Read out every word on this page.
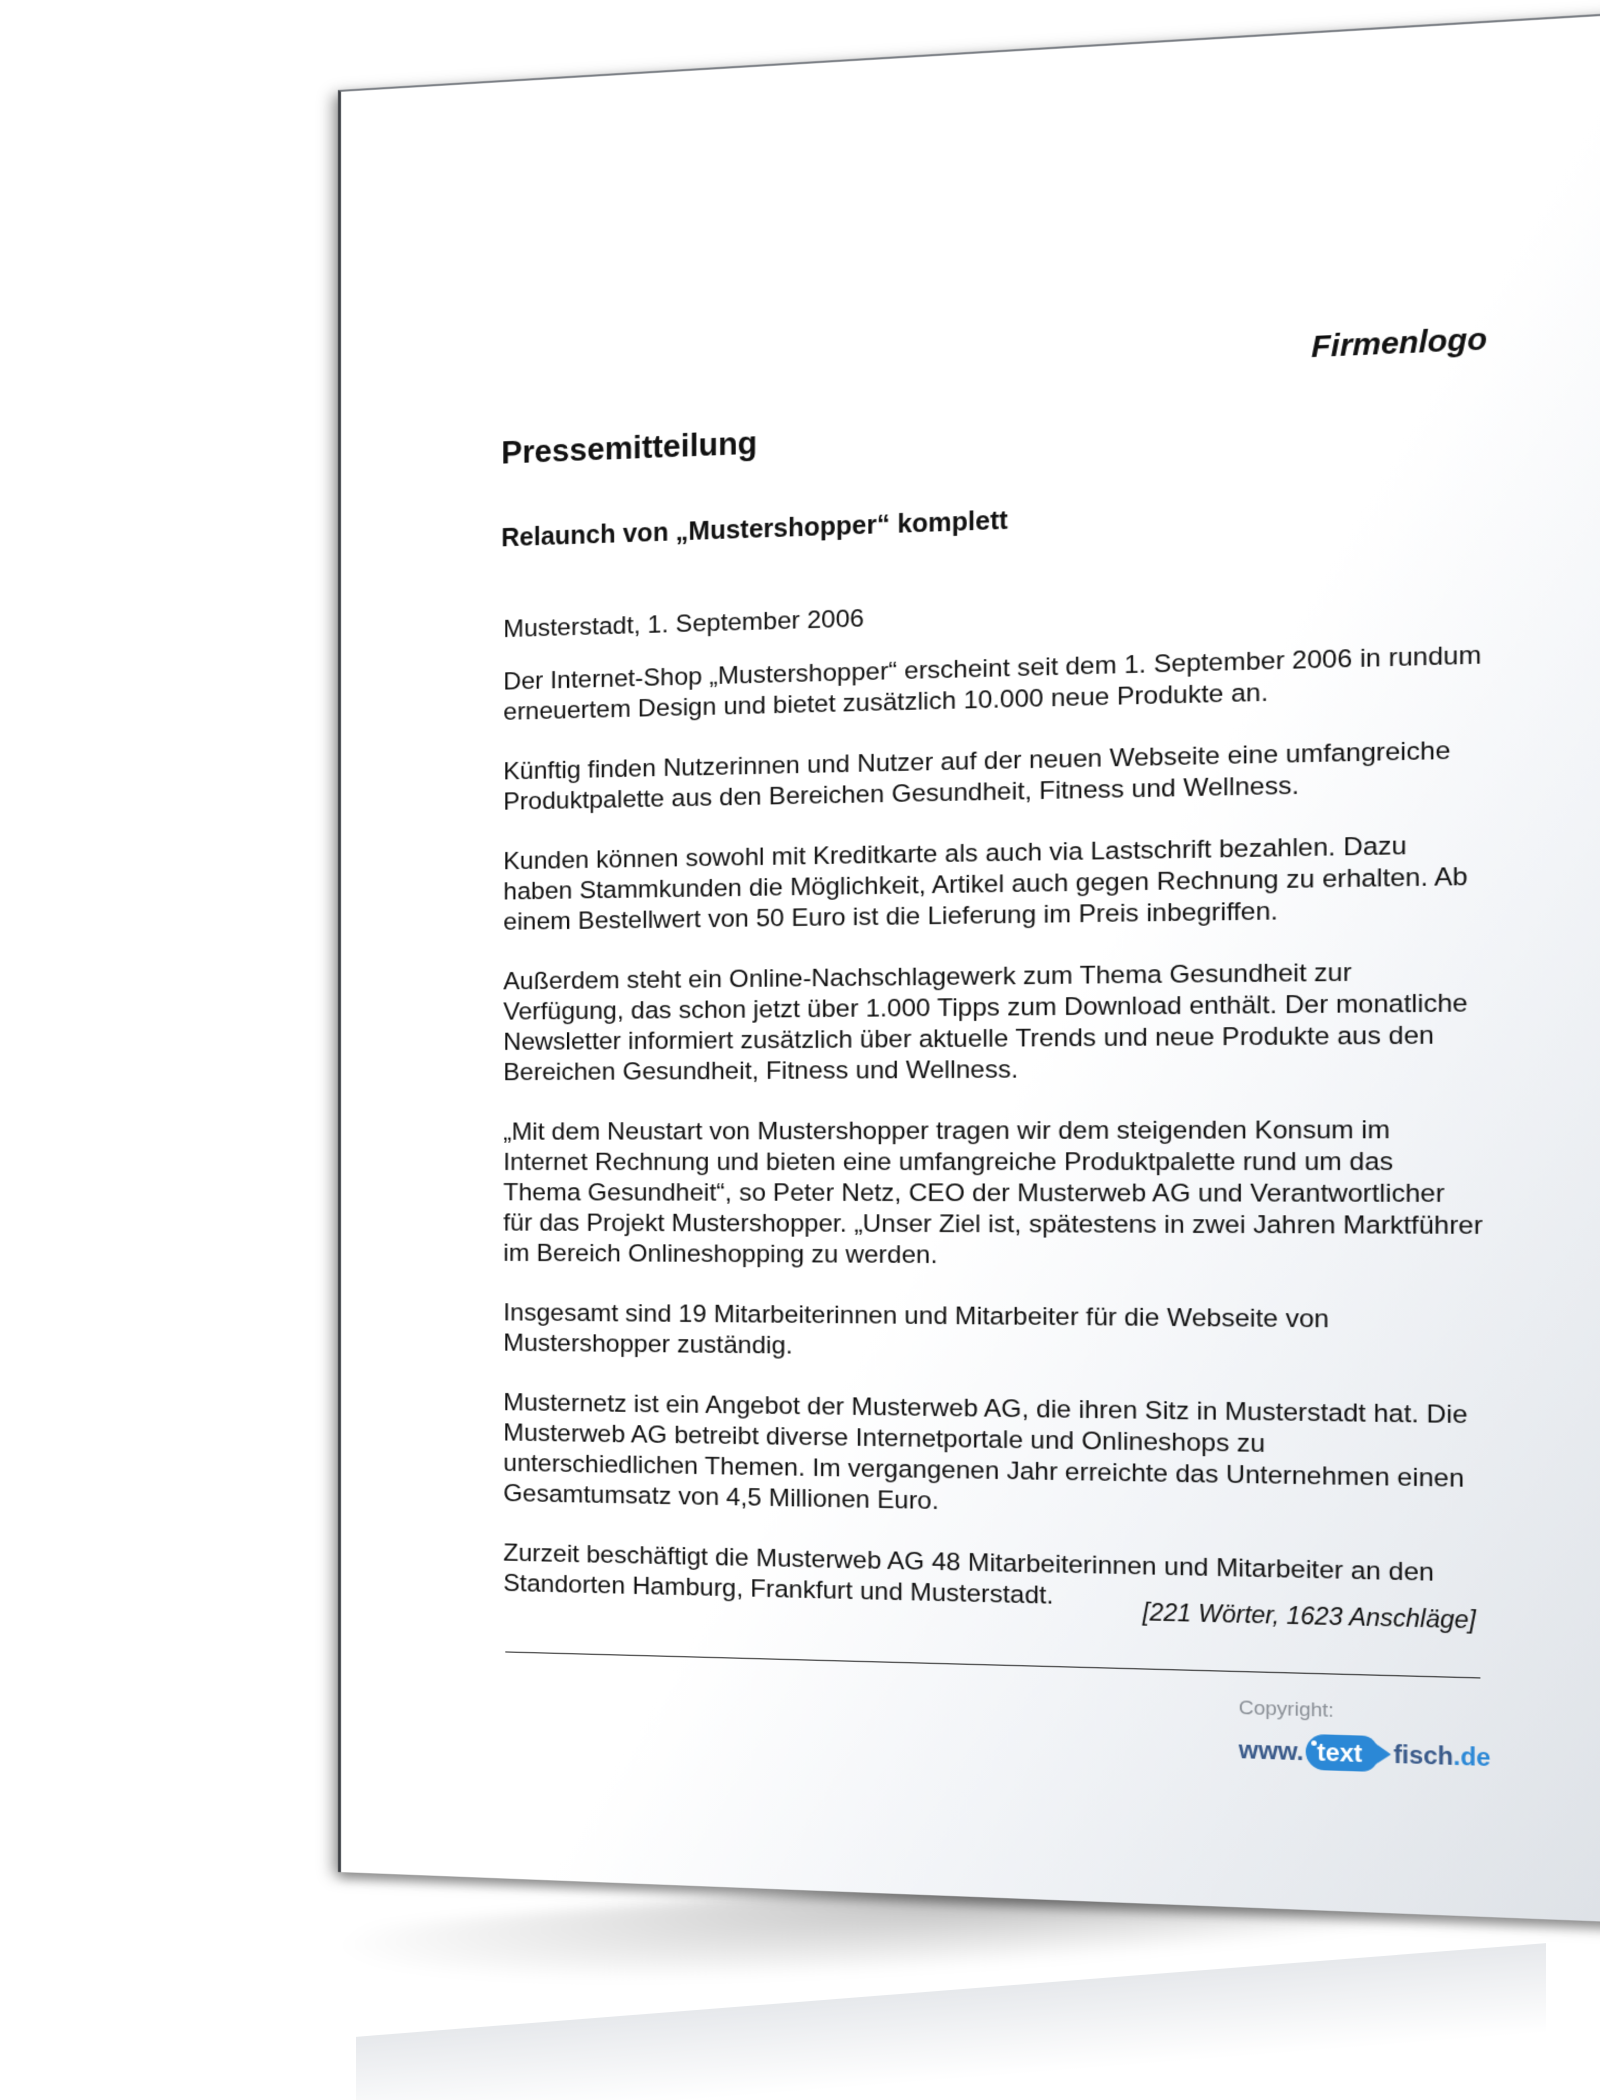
Firmenlogo
Pressemitteilung
Relaunch von „Mustershopper“ komplett

Musterstadt, 1. September 2006

Der Internet-Shop „Mustershopper“ erscheint seit dem 1. September 2006 in rundum erneuertem Design und bietet zusätzlich 10.000 neue Produkte an.

Künftig finden Nutzerinnen und Nutzer auf der neuen Webseite eine umfangreiche Produktpalette aus den Bereichen Gesundheit, Fitness und Wellness.

Kunden können sowohl mit Kreditkarte als auch via Lastschrift bezahlen. Dazu haben Stammkunden die Möglichkeit, Artikel auch gegen Rechnung zu erhalten. Ab einem Bestellwert von 50 Euro ist die Lieferung im Preis inbegriffen.

Außerdem steht ein Online-Nachschlagewerk zum Thema Gesundheit zur Verfügung, das schon jetzt über 1.000 Tipps zum Download enthält. Der monatliche Newsletter informiert zusätzlich über aktuelle Trends und neue Produkte aus den Bereichen Gesundheit, Fitness und Wellness.

„Mit dem Neustart von Mustershopper tragen wir dem steigenden Konsum im Internet Rechnung und bieten eine umfangreiche Produktpalette rund um das Thema Gesundheit“, so Peter Netz, CEO der Musterweb AG und Verantwortlicher für das Projekt Mustershopper. „Unser Ziel ist, spätestens in zwei Jahren Marktführer im Bereich Onlineshopping zu werden.

Insgesamt sind 19 Mitarbeiterinnen und Mitarbeiter für die Webseite von Mustershopper zuständig.

Musternetz ist ein Angebot der Musterweb AG, die ihren Sitz in Musterstadt hat. Die Musterweb AG betreibt diverse Internetportale und Onlineshops zu unterschiedlichen Themen. Im vergangenen Jahr erreichte das Unternehmen einen Gesamtumsatz von 4,5 Millionen Euro.

Zurzeit beschäftigt die Musterweb AG 48 Mitarbeiterinnen und Mitarbeiter an den Standorten Hamburg, Frankfurt und Musterstadt.

[221 Wörter, 1623 Anschläge]
Copyright:
www. text	fisch .de
